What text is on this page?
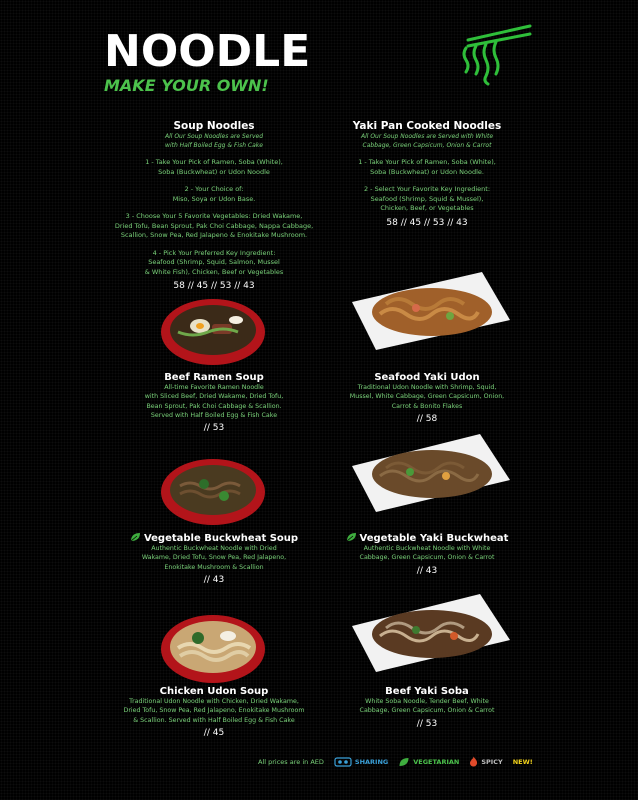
NOODLE
MAKE YOUR OWN!
Soup Noodles
All Our Soup Noodles are Served
with Half Boiled Egg & Fish Cake
1 - Take Your Pick of Ramen, Soba (White),
Soba (Buckwheat) or Udon Noodle
2 - Your Choice of:
Miso, Soya or Udon Base.
3 - Choose Your 5 Favorite Vegetables: Dried Wakame,
Dried Tofu, Bean Sprout, Pak Choi Cabbage, Nappa Cabbage,
Scallion, Snow Pea, Red Jalapeno & Enokitake Mushroom.
4 - Pick Your Preferred Key Ingredient:
Seafood (Shrimp, Squid, Salmon, Mussel
& White Fish), Chicken, Beef or Vegetables
58 // 45 // 53 // 43
Yaki Pan Cooked Noodles
All Our Soup Noodles are Served with White
Cabbage, Green Capsicum, Onion & Carrot
1 - Take Your Pick of Ramen, Soba (White),
Soba (Buckwheat) or Udon Noodle.
2 - Select Your Favorite Key Ingredient:
Seafood (Shrimp, Squid & Mussel),
Chicken, Beef, or Vegetables
58 // 45 // 53 // 43
Beef Ramen Soup
All-time Favorite Ramen Noodle
with Sliced Beef, Dried Wakame, Dried Tofu,
Bean Sprout, Pak Choi Cabbage & Scallion.
Served with Half Boiled Egg & Fish Cake
// 53
Vegetable Buckwheat Soup
Authentic Buckwheat Noodle with Dried
Wakame, Dried Tofu, Snow Pea, Red Jalapeno,
Enokitake Mushroom & Scallion
// 43
Chicken Udon Soup
Traditional Udon Noodle with Chicken, Dried Wakame,
Dried Tofu, Snow Pea, Red Jalapeno, Enokitake Mushroom
& Scallion. Served with Half Boiled Egg & Fish Cake
// 45
Seafood Yaki Udon
Traditional Udon Noodle with Shrimp, Squid,
Mussel, White Cabbage, Green Capsicum, Onion,
Carrot & Bonito Flakes
// 58
Vegetable Yaki Buckwheat
Authentic Buckwheat Noodle with White
Cabbage, Green Capsicum, Onion & Carrot
// 43
Beef Yaki Soba
White Soba Noodle, Tender Beef, White
Cabbage, Green Capsicum, Onion & Carrot
// 53
All prices are in AED	SHARING	VEGETARIAN	SPICY NEW!
